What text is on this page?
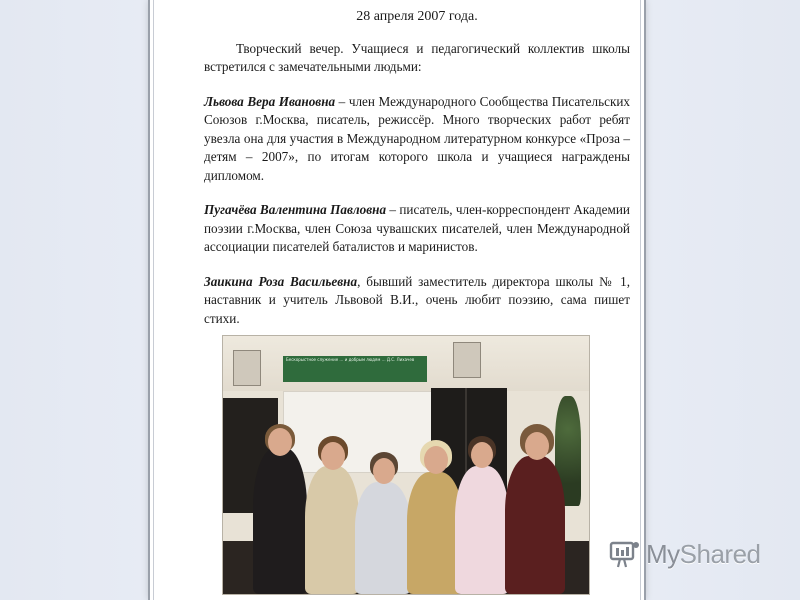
28 апреля 2007 года.

Творческий вечер. Учащиеся и педагогический коллектив школы встретился с замечательными людьми:

Львова Вера Ивановна – член Международного Сообщества Писательских Союзов г.Москва, писатель, режиссёр. Много творческих работ ребят увезла она для участия в Международном литературном конкурсе «Проза – детям – 2007», по итогам которого школа и учащиеся награждены дипломом.

Пугачёва Валентина Павловна – писатель, член-корреспондент Академии поэзии г.Москва, член Союза чувашских писателей, член Международной ассоциации писателей баталистов и маринистов.

Заикина Роза Васильевна, бывший заместитель директора школы № 1, наставник и учитель Львовой В.И., очень любит поэзию, сама пишет стихи.

Бескорыстное служение … и добрым людям … Д.С. Лихачев
MyShared
